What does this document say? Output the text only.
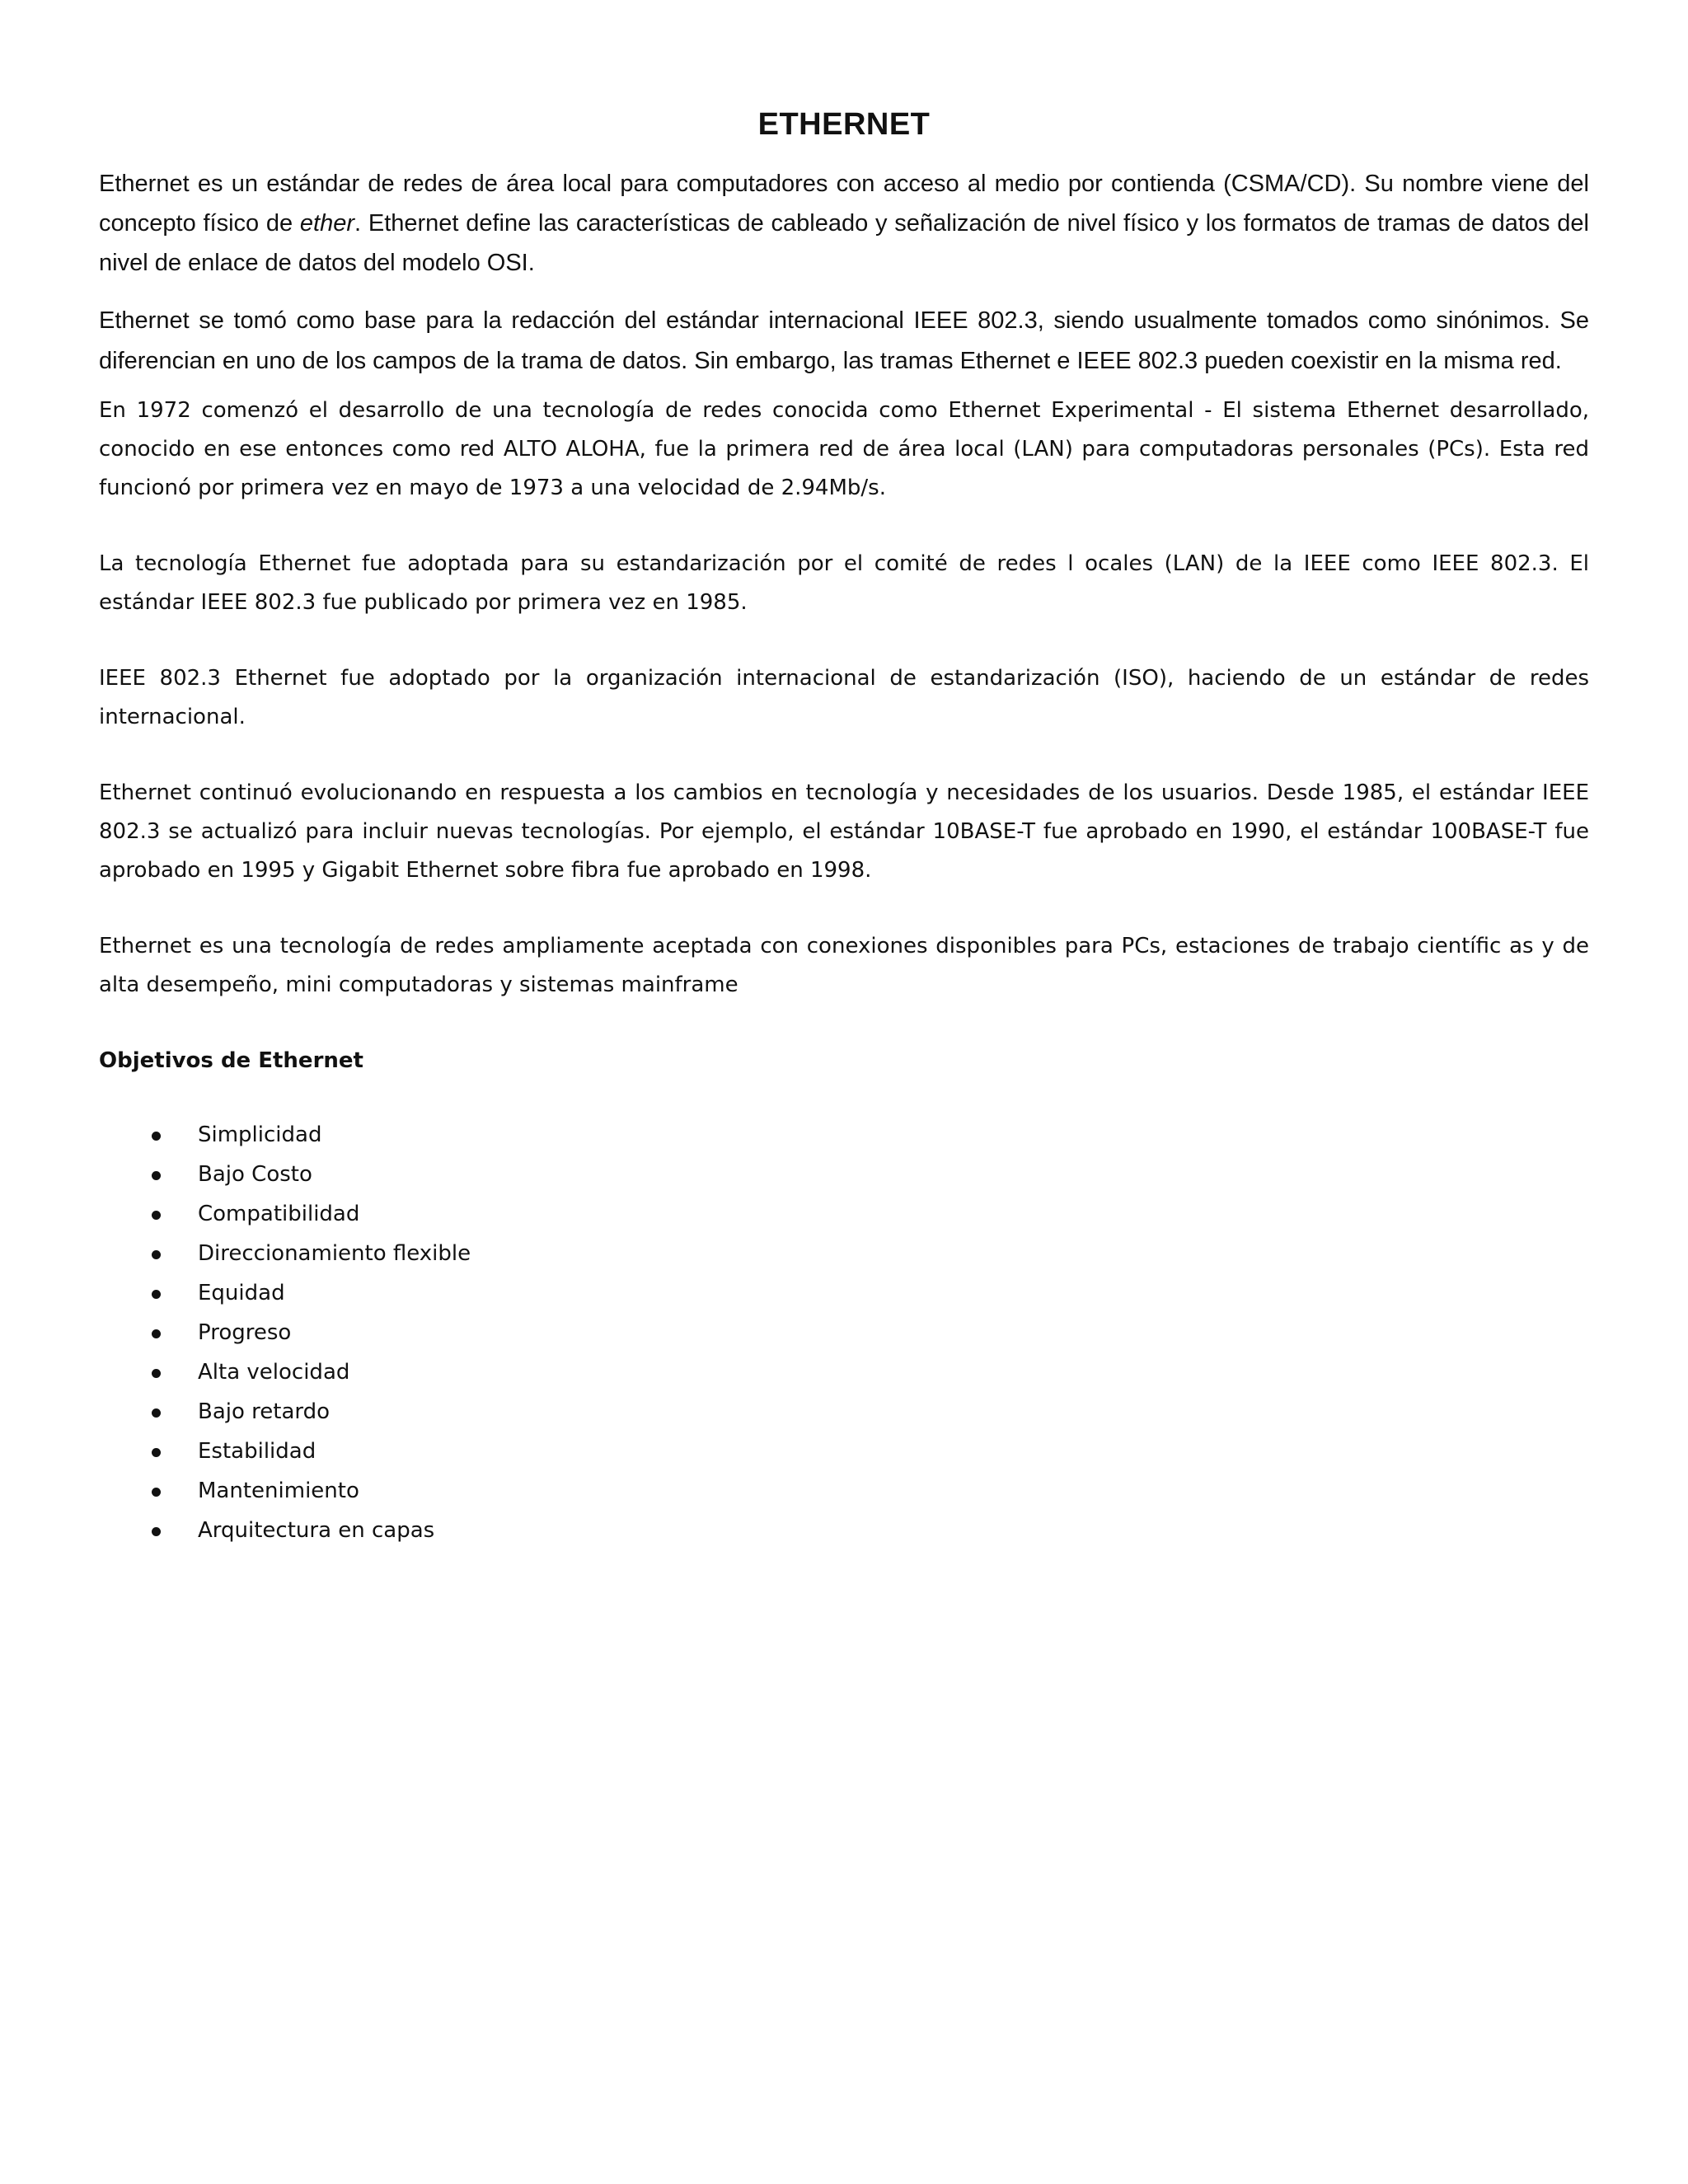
ETHERNET

Ethernet es un estándar de redes de área local para computadores con acceso al medio por contienda (CSMA/CD). Su nombre viene del concepto físico de ether. Ethernet define las características de cableado y señalización de nivel físico y los formatos de tramas de datos del nivel de enlace de datos del modelo OSI.

Ethernet se tomó como base para la redacción del estándar internacional IEEE 802.3, siendo usualmente tomados como sinónimos. Se diferencian en uno de los campos de la trama de datos. Sin embargo, las tramas Ethernet e IEEE 802.3 pueden coexistir en la misma red.

En 1972 comenzó el desarrollo de una tecnología de redes conocida como Ethernet Experimental - El sistema Ethernet desarrollado, conocido en ese entonces como red ALTO ALOHA, fue la primera red de área local (LAN) para computadoras personales (PCs). Esta red funcionó por primera vez en mayo de 1973 a una velocidad de 2.94Mb/s.

La tecnología Ethernet fue adoptada para su estandarización por el comité de redes l ocales (LAN) de la IEEE como IEEE 802.3. El estándar IEEE 802.3 fue publicado por primera vez en 1985.

IEEE 802.3 Ethernet fue adoptado por la organización internacional de estandarización (ISO), haciendo de un estándar de redes internacional.

Ethernet continuó evolucionando en respuesta a los cambios en tecnología y necesidades de los usuarios. Desde 1985, el estándar IEEE 802.3 se actualizó para incluir nuevas tecnologías. Por ejemplo, el estándar 10BASE-T fue aprobado en 1990, el estándar 100BASE-T fue aprobado en 1995 y Gigabit Ethernet sobre fibra fue aprobado en 1998.

Ethernet es una tecnología de redes ampliamente aceptada con conexiones disponibles para PCs, estaciones de trabajo científic as y de alta desempeño, mini computadoras y sistemas mainframe

Objetivos de Ethernet
Simplicidad
Bajo Costo
Compatibilidad
Direccionamiento flexible
Equidad
Progreso
Alta velocidad
Bajo retardo
Estabilidad
Mantenimiento
Arquitectura en capas
